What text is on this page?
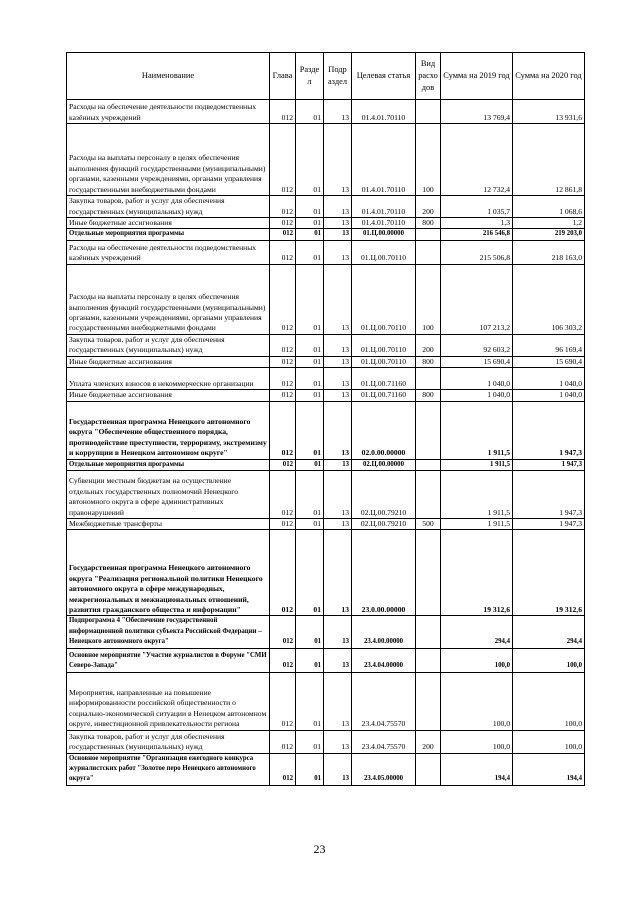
Наименование	Глава	Разде л	Подр аздел	Целевая статья	Вид расхо дов	Сумма на 2019 год	Сумма на 2020 год
Расходы на обеспечение деятельности подведомственных казённых учреждений	012	01	13	01.4.01.70110		13 769,4	13 931,6
Расходы на выплаты персоналу в целях обеспечения выполнения функций государственными (муниципальными) органами, казенными учреждениями, органами управления государственными внебюджетными фондами	012	01	13	01.4.01.70110	100	12 732,4	12 861,8
Закупка товаров, работ и услуг для обеспечения государственных (муниципальных) нужд	012	01	13	01.4.01.70110	200	1 035,7	1 068,6
Иные бюджетные ассигнования	012	01	13	01.4.01.70110	800	1,3	1,2
Отдельные мероприятия программы	012	01	13	01.Ц.00.00000		216 546,8	219 203,0
Расходы на обеспечение деятельности подведомственных казённых учреждений	012	01	13	01.Ц.00.70110		215 506,8	218 163,0
Расходы на выплаты персоналу в целях обеспечения выполнения функций государственными (муниципальными) органами, казенными учреждениями, органами управления государственными внебюджетными фондами	012	01	13	01.Ц.00.70110	100	107 213,2	106 303,2
Закупка товаров, работ и услуг для обеспечения государственных (муниципальных) нужд	012	01	13	01.Ц.00.70110	200	92 603,2	96 169,4
Иные бюджетные ассигнования	012	01	13	01.Ц.00.70110	800	15 690,4	15 690,4
Уплата членских взносов в некоммерческие организации	012	01	13	01.Ц.00.71160		1 040,0	1 040,0
Иные бюджетные ассигнования	012	01	13	01.Ц.00.71160	800	1 040,0	1 040,0
Государственная программа Ненецкого автономного округа "Обеспечение общественного порядка, противодействие преступности, терроризму, экстремизму и коррупции в Ненецком автономном округе"	012	01	13	02.0.00.00000		1 911,5	1 947,3
Отдельные мероприятия программы	012	01	13	02.Ц.00.00000		1 911,5	1 947,3
Субвенции местным бюджетам на осуществление отдельных государственных полномочий Ненецкого автономного округа в сфере административных правонарушений	012	01	13	02.Ц.00.79210		1 911,5	1 947,3
Межбюджетные трансферты	012	01	13	02.Ц.00.79210	500	1 911,5	1 947,3
Государственная программа Ненецкого автономного округа "Реализация региональной политики Ненецкого автономного округа в сфере международных, межрегиональных и межнациональных отношений, развития гражданского общества и информации"	012	01	13	23.0.00.00000		19 312,6	19 312,6
Подпрограмма 4 "Обеспечение государственной информационной политики субъекта Российской Федерации – Ненецкого автономного округа"	012	01	13	23.4.00.00000		294,4	294,4
Основное мероприятие "Участие журналистов в Форуме "СМИ Северо-Запада"	012	01	13	23.4.04.00000		100,0	100,0
Мероприятия, направленные на повышение информированности российской общественности о социально-экономической ситуации в Ненецком автономном округе, инвестиционной привлекательности региона	012	01	13	23.4.04.75570		100,0	100,0
Закупка товаров, работ и услуг для обеспечения государственных (муниципальных) нужд	012	01	13	23.4.04.75570	200	100,0	100,0
Основное мероприятие "Организация ежегодного конкурса журналистских работ "Золотое перо Ненецкого автономного округа"	012	01	13	23.4.05.00000		194,4	194,4
23
